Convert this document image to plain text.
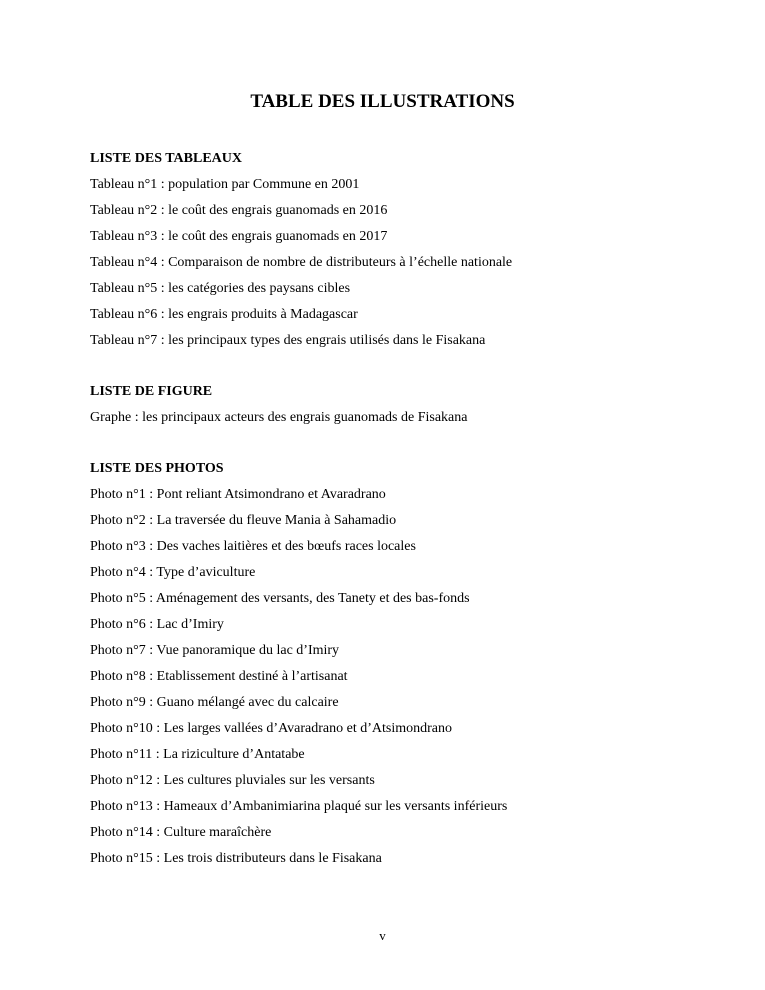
TABLE DES ILLUSTRATIONS

LISTE DES TABLEAUX

Tableau n°1 : population par Commune en 2001

Tableau n°2 : le coût des engrais guanomads en 2016

Tableau n°3 : le coût des engrais guanomads en 2017

Tableau n°4 : Comparaison de nombre de distributeurs à l’échelle nationale

Tableau n°5 : les catégories des paysans cibles

Tableau n°6 : les engrais produits à Madagascar

Tableau n°7 : les principaux types des engrais utilisés dans le Fisakana

LISTE DE FIGURE

Graphe : les principaux acteurs des engrais guanomads de Fisakana

LISTE DES PHOTOS

Photo n°1 : Pont reliant Atsimondrano et Avaradrano

Photo n°2 : La traversée du fleuve Mania à Sahamadio

Photo n°3 : Des vaches laitières et des bœufs races locales

Photo n°4 : Type d’aviculture

Photo n°5 : Aménagement des versants, des Tanety et des bas-fonds

Photo n°6 : Lac d’Imiry

Photo n°7 : Vue panoramique du lac d’Imiry

Photo n°8 : Etablissement destiné à l’artisanat

Photo n°9 : Guano mélangé avec du calcaire

Photo n°10 : Les larges vallées d’Avaradrano et d’Atsimondrano

Photo n°11 : La riziculture d’Antatabe

Photo n°12 : Les cultures pluviales sur les versants

Photo n°13 : Hameaux d’Ambanimiarina plaqué sur les versants inférieurs

Photo n°14 : Culture maraîchère

Photo n°15 : Les trois distributeurs dans le Fisakana

v
